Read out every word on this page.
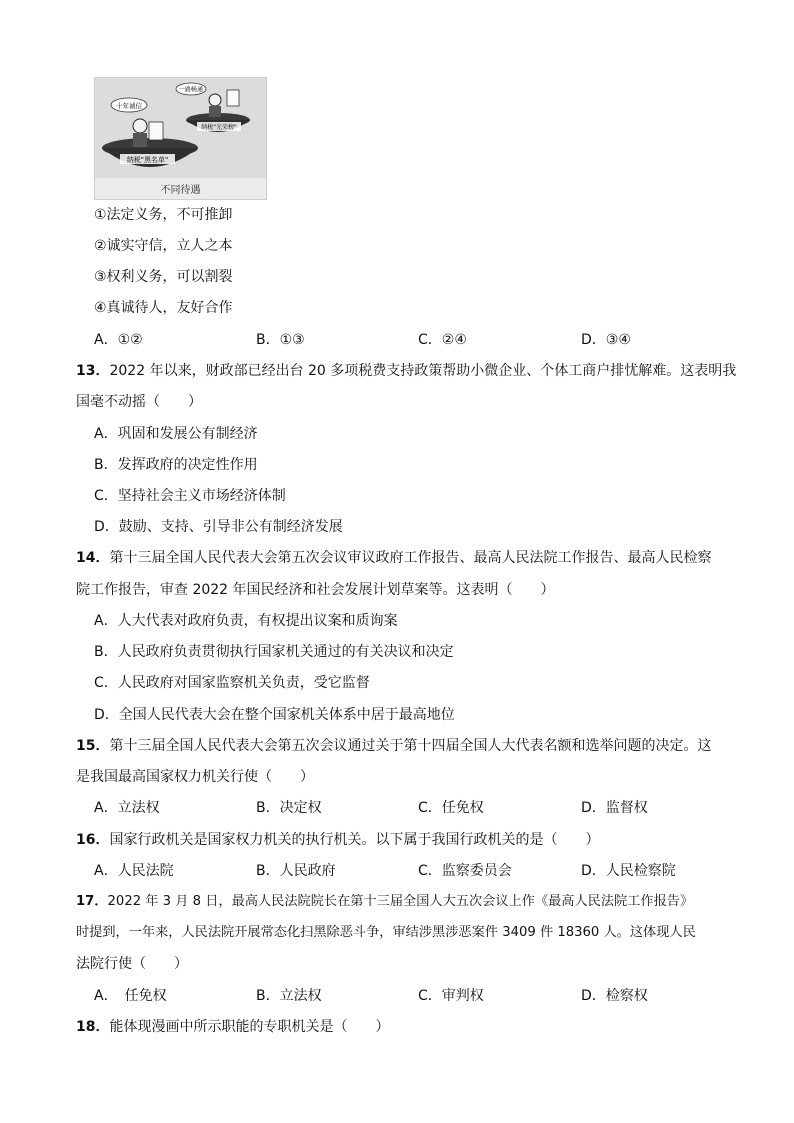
纳税"黑名单"
十年诚信
纳税"光荣榜"
一路畅通
不同待遇
①法定义务，不可推卸
②诚实守信，立人之本
③权利义务，可以割裂
④真诚待人，友好合作
A．①②	B．①③	C．②④	D．③④
13．2022 年以来，财政部已经出台 20 多项税费支持政策帮助小微企业、个体工商户排忧解难。这表明我
国毫不动摇（　　）
A．巩固和发展公有制经济
B．发挥政府的决定性作用
C．坚持社会主义市场经济体制
D．鼓励、支持、引导非公有制经济发展
14．第十三届全国人民代表大会第五次会议审议政府工作报告、最高人民法院工作报告、最高人民检察
院工作报告，审查 2022 年国民经济和社会发展计划草案等。这表明（　　）
A．人大代表对政府负责，有权提出议案和质询案
B．人民政府负责贯彻执行国家机关通过的有关决议和决定
C．人民政府对国家监察机关负责，受它监督
D．全国人民代表大会在整个国家机关体系中居于最高地位
15．第十三届全国人民代表大会第五次会议通过关于第十四届全国人大代表名额和选举问题的决定。这
是我国最高国家权力机关行使（　　）
A．立法权	B．决定权	C．任免权	D．监督权
16．国家行政机关是国家权力机关的执行机关。以下属于我国行政机关的是（　　）
A．人民法院	B．人民政府	C．监察委员会	D．人民检察院
17．2022 年 3 月 8 日，最高人民法院院长在第十三届全国人大五次会议上作《最高人民法院工作报告》
时提到，一年来，人民法院开展常态化扫黑除恶斗争，审结涉黑涉恶案件 3409 件 18360 人。这体现人民
法院行使（　　）
A．　任免权	B．立法权	C．审判权	D．检察权
18．能体现漫画中所示职能的专职机关是（　　）
